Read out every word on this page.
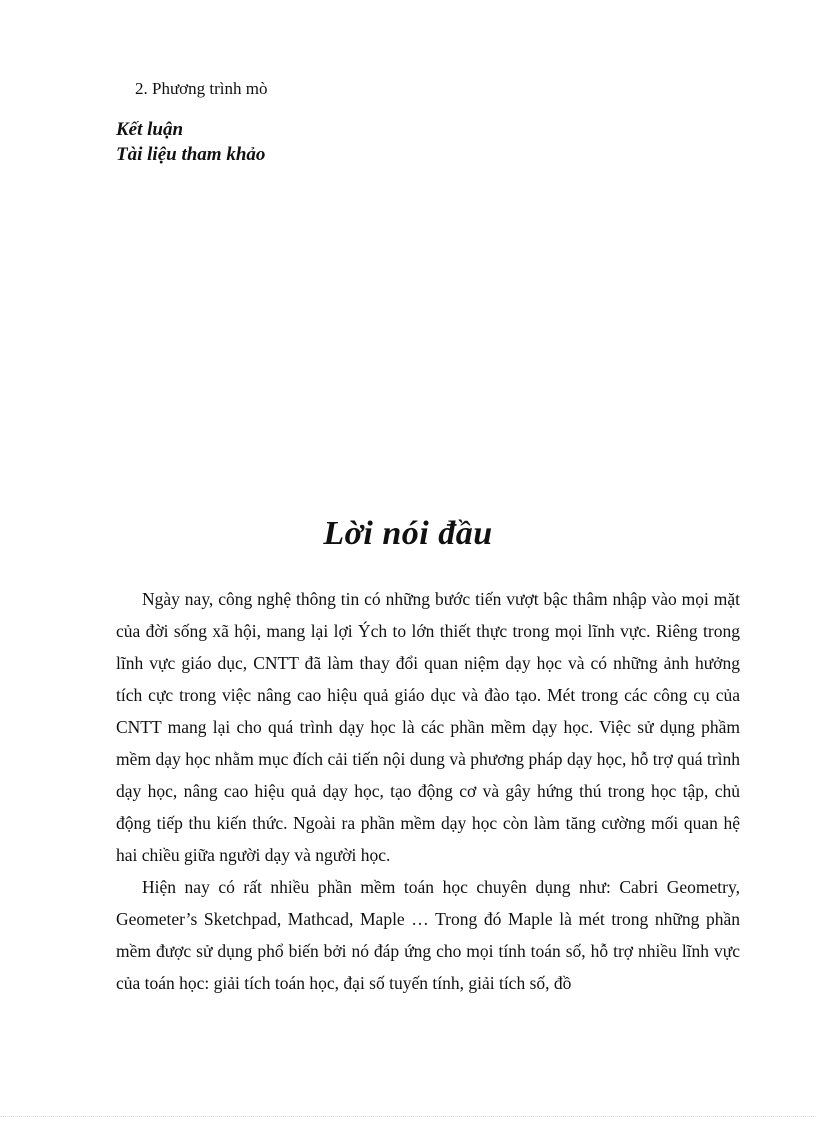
2. Phương trình mò
Kết luận
Tài liệu tham khảo
Lời nói đầu

Ngày nay, công nghệ thông tin có những bước tiến vượt bậc thâm nhập vào mọi mặt của đời sống xã hội, mang lại lợi Ých to lớn thiết thực trong mọi lĩnh vực. Riêng trong lĩnh vực giáo dục, CNTT đã làm thay đổi quan niệm dạy học và có những ảnh hưởng tích cực trong việc nâng cao hiệu quả giáo dục và đào tạo. Mét trong các công cụ của CNTT mang lại cho quá trình dạy học là các phần mềm dạy học. Việc sử dụng phầm mềm dạy học nhằm mục đích cải tiến nội dung và phương pháp dạy học, hỗ trợ quá trình dạy học, nâng cao hiệu quả dạy học, tạo động cơ và gây hứng thú trong học tập, chủ động tiếp thu kiến thức. Ngoài ra phần mềm dạy học còn làm tăng cường mối quan hệ hai chiều giữa người dạy và người học.

Hiện nay có rất nhiều phần mềm toán học chuyên dụng như: Cabri Geometry, Geometer’s Sketchpad, Mathcad, Maple … Trong đó Maple là mét trong những phần mềm được sử dụng phổ biến bởi nó đáp ứng cho mọi tính toán số, hỗ trợ nhiều lĩnh vực của toán học: giải tích toán học, đại số tuyến tính, giải tích số, đồ
